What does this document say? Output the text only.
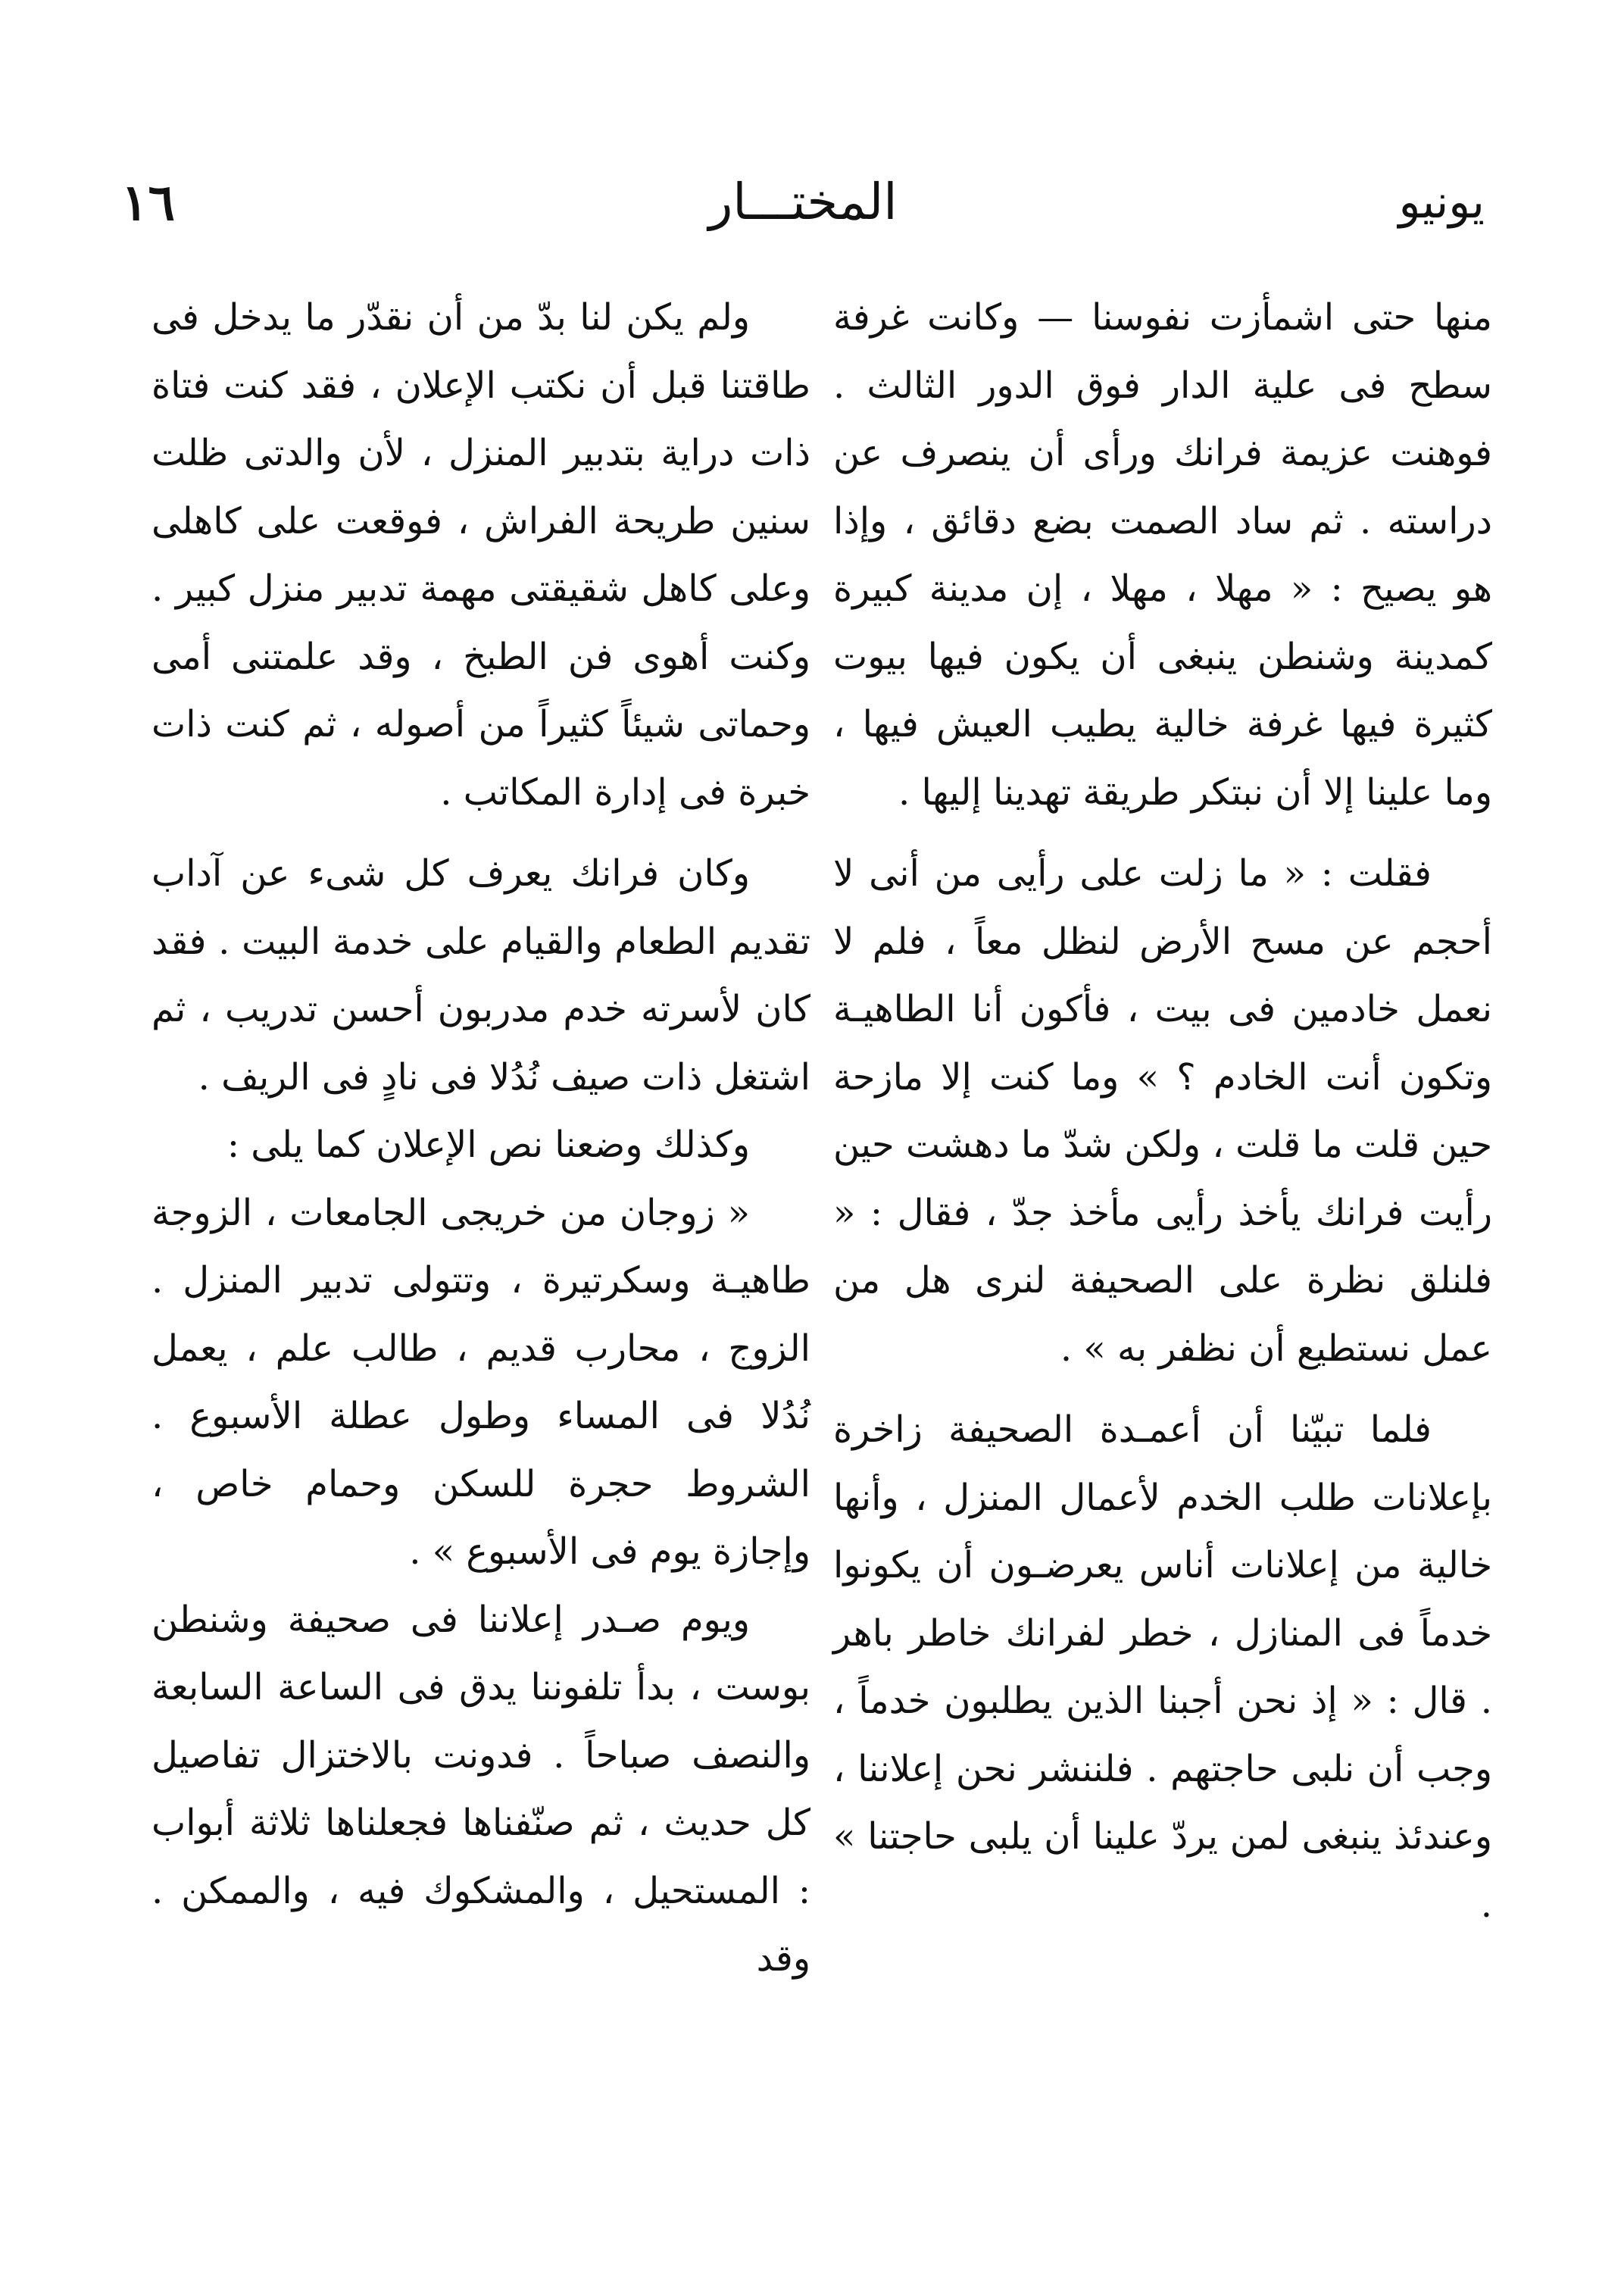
١٦	المختـــار	يونيو

منها حتى اشمأزت نفوسنا — وكانت غرفة سطح فى علية الدار فوق الدور الثالث . فوهنت عزيمة فرانك ورأى أن ينصرف عن دراسته . ثم ساد الصمت بضع دقائق ، وإذا هو يصيح : « مهلا ، مهلا ، إن مدينة كبيرة كمدينة وشنطن ينبغى أن يكون فيها بيوت كثيرة فيها غرفة خالية يطيب العيش فيها ، وما علينا إلا أن نبتكر طريقة تهدينا إليها .

فقلت : « ما زلت على رأيى من أنى لا أحجم عن مسح الأرض لنظل معاً ، فلم لا نعمل خادمين فى بيت ، فأكون أنا الطاهيـة وتكون أنت الخادم ؟ » وما كنت إلا مازحة حين قلت ما قلت ، ولكن شدّ ما دهشت حين رأيت فرانك يأخذ رأيى مأخذ جدّ ، فقال : « فلنلق نظرة على الصحيفة لنرى هل من عمل نستطيع أن نظفر به » .

فلما تبيّنا أن أعمـدة الصحيفة زاخرة بإعلانات طلب الخدم لأعمال المنزل ، وأنها خالية من إعلانات أناس يعرضـون أن يكونوا خدماً فى المنازل ، خطر لفرانك خاطر باهر . قال : « إذ نحن أجبنا الذين يطلبون خدماً ، وجب أن نلبى حاجتهم . فلننشر نحن إعلاننا ، وعندئذ ينبغى لمن يردّ علينا أن يلبى حاجتنا » .

ولم يكن لنا بدّ من أن نقدّر ما يدخل فى طاقتنا قبل أن نكتب الإعلان ، فقد كنت فتاة ذات دراية بتدبير المنزل ، لأن والدتى ظلت سنين طريحة الفراش ، فوقعت على كاهلى وعلى كاهل شقيقتى مهمة تدبير منزل كبير . وكنت أهوى فن الطبخ ، وقد علمتنى أمى وحماتى شيئاً كثيراً من أصوله ، ثم كنت ذات خبرة فى إدارة المكاتب .

وكان فرانك يعرف كل شىء عن آداب تقديم الطعام والقيام على خدمة البيت . فقد كان لأسرته خدم مدربون أحسن تدريب ، ثم اشتغل ذات صيف نُدُلا فى نادٍ فى الريف .

وكذلك وضعنا نص الإعلان كما يلى :

« زوجان من خريجى الجامعات ، الزوجة طاهيـة وسكرتيرة ، وتتولى تدبير المنزل . الزوج ، محارب قديم ، طالب علم ، يعمل نُدُلا فى المساء وطول عطلة الأسبوع . الشروط حجرة للسكن وحمام خاص ، وإجازة يوم فى الأسبوع » .

ويوم صـدر إعلاننا فى صحيفة وشنطن بوست ، بدأ تلفوننا يدق فى الساعة السابعة والنصف صباحاً . فدونت بالاختزال تفاصيل كل حديث ، ثم صنّفناها فجعلناها ثلاثة أبواب : المستحيل ، والمشكوك فيه ، والممكن . وقد
